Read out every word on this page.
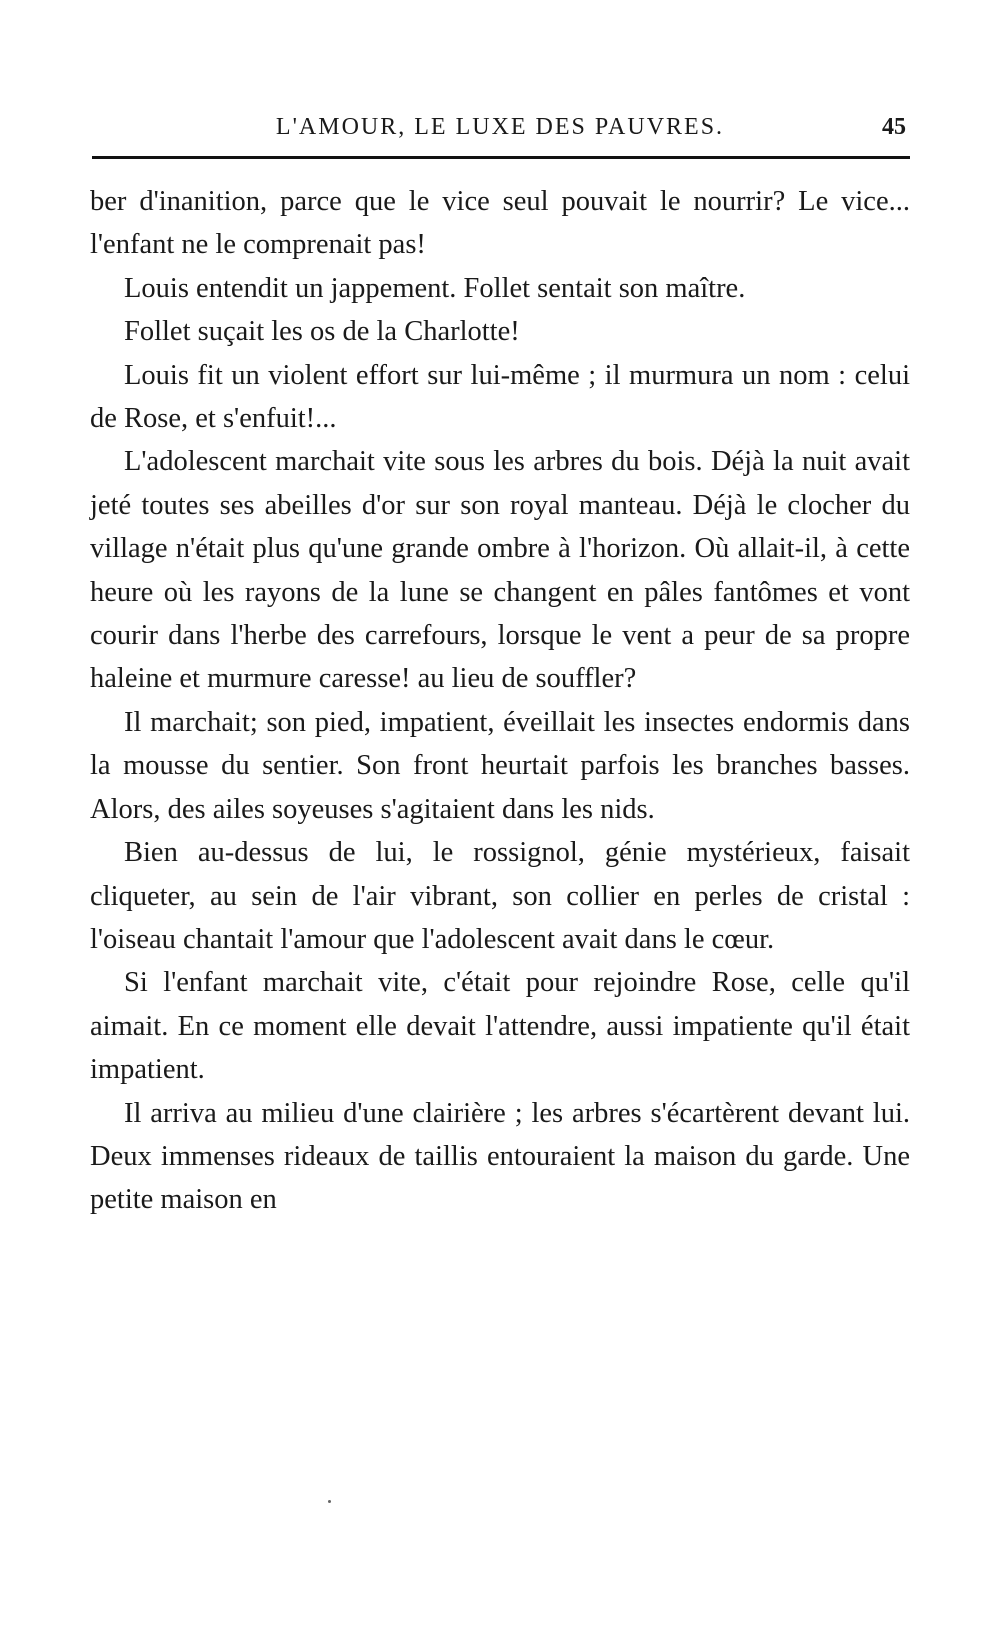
L'AMOUR, LE LUXE DES PAUVRES.	45

ber d'inanition, parce que le vice seul pouvait le nourrir? Le vice... l'enfant ne le comprenait pas!

Louis entendit un jappement. Follet sentait son maître.

Follet suçait les os de la Charlotte!

Louis fit un violent effort sur lui-même ; il murmura un nom : celui de Rose, et s'enfuit!...

L'adolescent marchait vite sous les arbres du bois. Déjà la nuit avait jeté toutes ses abeilles d'or sur son royal manteau. Déjà le clocher du village n'était plus qu'une grande ombre à l'horizon. Où allait-il, à cette heure où les rayons de la lune se changent en pâles fantômes et vont courir dans l'herbe des carrefours, lorsque le vent a peur de sa propre haleine et murmure caresse! au lieu de souffler?

Il marchait; son pied, impatient, éveillait les insectes endormis dans la mousse du sentier. Son front heurtait parfois les branches basses. Alors, des ailes soyeuses s'agitaient dans les nids.

Bien au-dessus de lui, le rossignol, génie mystérieux, faisait cliqueter, au sein de l'air vibrant, son collier en perles de cristal : l'oiseau chantait l'amour que l'adolescent avait dans le cœur.

Si l'enfant marchait vite, c'était pour rejoindre Rose, celle qu'il aimait. En ce moment elle devait l'attendre, aussi impatiente qu'il était impatient.

Il arriva au milieu d'une clairière ; les arbres s'écartèrent devant lui. Deux immenses rideaux de taillis entouraient la maison du garde. Une petite maison en
